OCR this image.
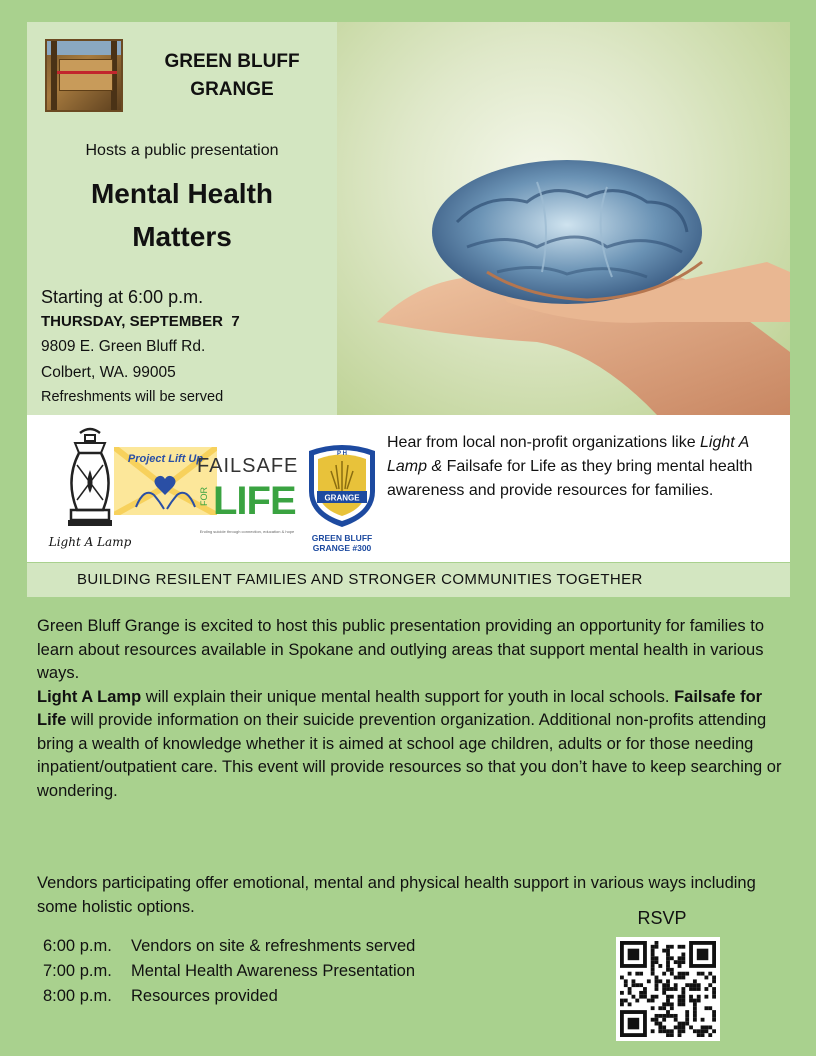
GREEN BLUFF
GRANGE
Hosts a public presentation
Mental Health
Matters
Starting at 6:00 p.m.
THURSDAY, SEPTEMBER  7
9809 E. Green Bluff Rd.
Colbert, WA. 99005
Refreshments will be served
Light A Lamp
Project Lift Up
FAILSAFE
FOR LIFE
Ending suicide through connection, education & hope
GRANGE
P H
GREEN BLUFF
GRANGE #300
Hear from local non-profit organizations like Light A Lamp & Failsafe for Life as they bring mental health awareness and provide resources for families.
BUILDING RESILENT FAMILIES AND STRONGER COMMUNITIES TOGETHER
Green Bluff Grange is excited to host this public presentation providing an opportunity for families to learn about resources available in Spokane and outlying areas that support mental health in various ways.
Light A Lamp will explain their unique mental health support for youth in local schools. Failsafe for Life will provide information on their suicide prevention organization. Additional non-profits attending bring a wealth of knowledge whether it is aimed at school age children, adults or for those needing inpatient/outpatient care. This event will provide resources so that you don’t have to keep searching or wondering.
Vendors participating offer emotional, mental and physical health support in various ways including some holistic options.
6:00 p.m. Vendors on site & refreshments served
7:00 p.m. Mental Health Awareness Presentation
8:00 p.m. Resources provided
RSVP
